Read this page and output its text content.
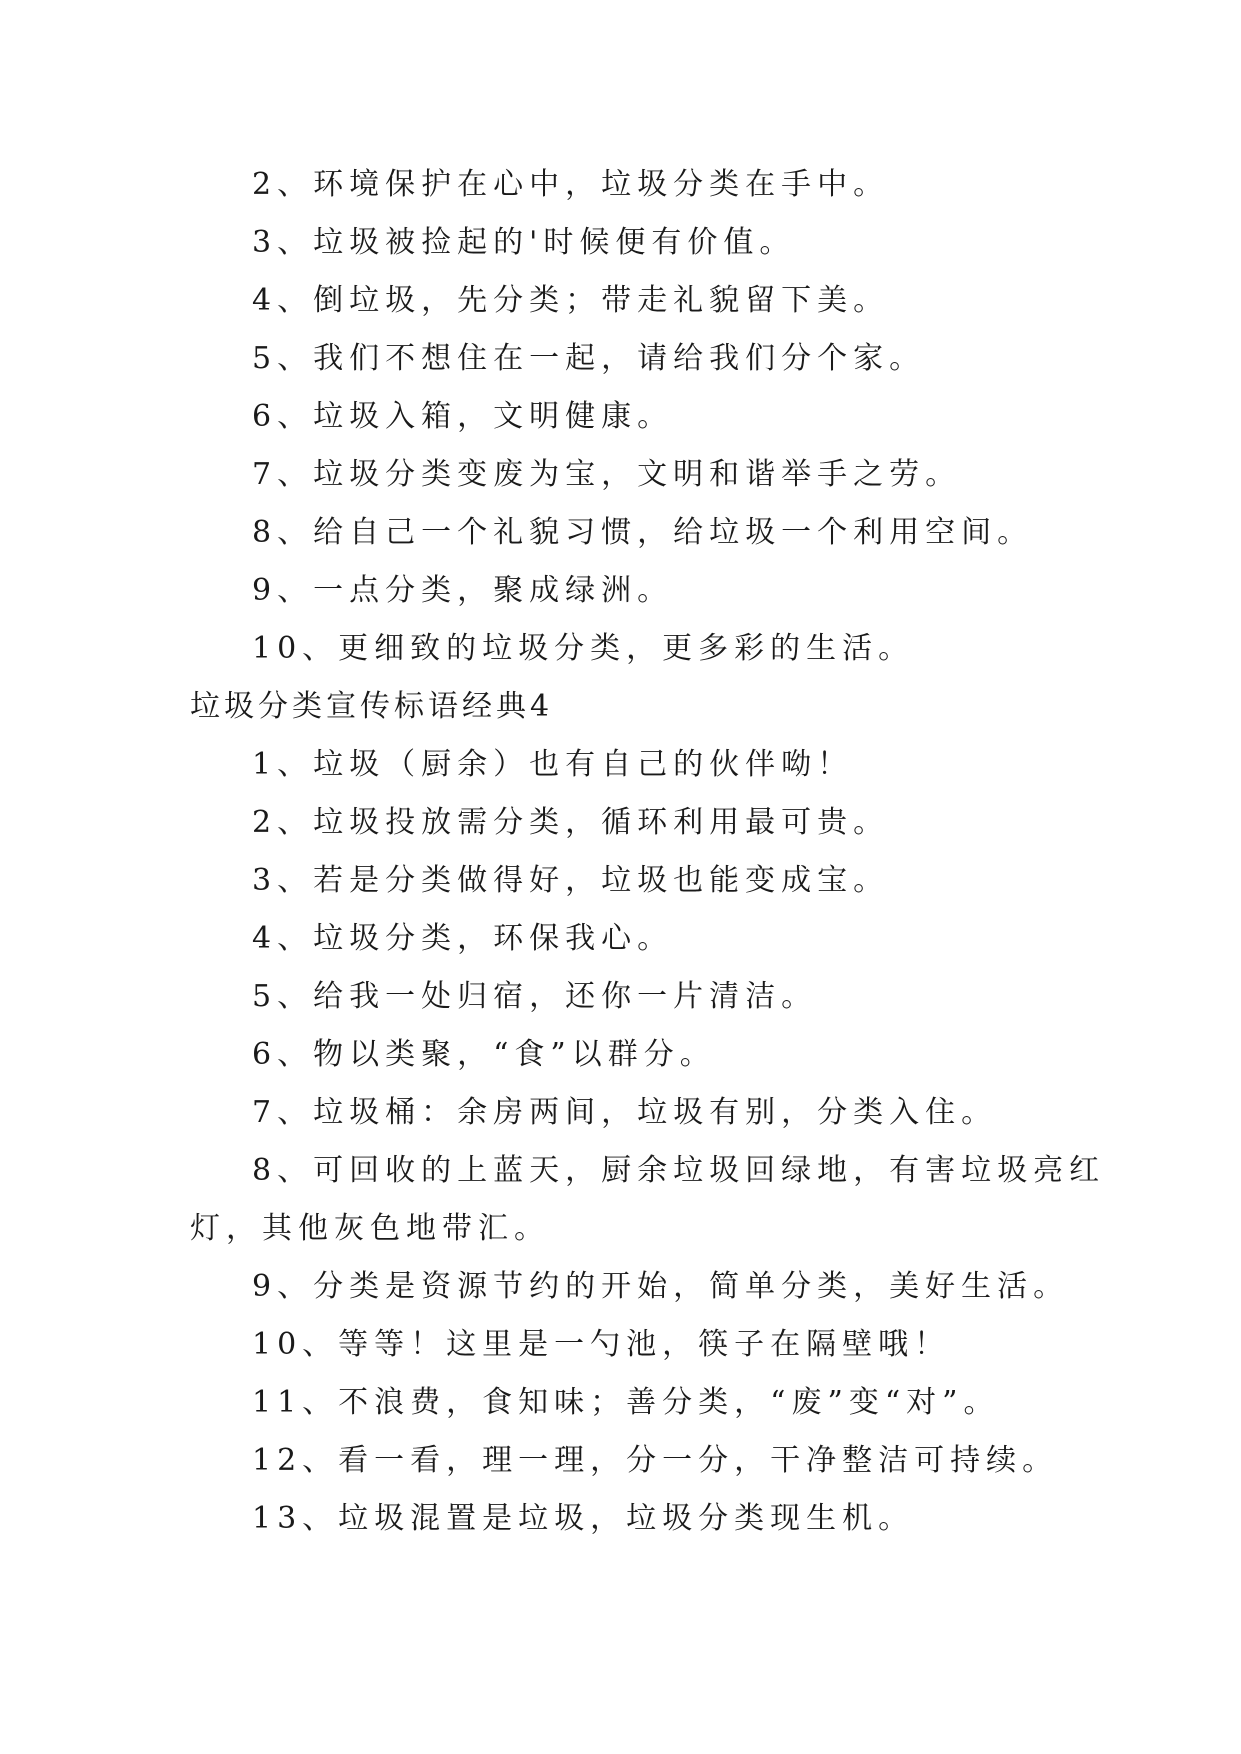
2、环境保护在心中，垃圾分类在手中。
3、垃圾被捡起的'时候便有价值。
4、倒垃圾，先分类；带走礼貌留下美。
5、我们不想住在一起，请给我们分个家。
6、垃圾入箱，文明健康。
7、垃圾分类变废为宝，文明和谐举手之劳。
8、给自己一个礼貌习惯，给垃圾一个利用空间。
9、一点分类，聚成绿洲。
10、更细致的垃圾分类，更多彩的生活。
垃圾分类宣传标语经典4
1、垃圾（厨余）也有自己的伙伴呦！
2、垃圾投放需分类，循环利用最可贵。
3、若是分类做得好，垃圾也能变成宝。
4、垃圾分类，环保我心。
5、给我一处归宿，还你一片清洁。
6、物以类聚，“食”以群分。
7、垃圾桶：余房两间，垃圾有别，分类入住。
8、可回收的上蓝天，厨余垃圾回绿地，有害垃圾亮红
灯，其他灰色地带汇。
9、分类是资源节约的开始，简单分类，美好生活。
10、等等！这里是一勺池，筷子在隔壁哦！
11、不浪费，食知味；善分类，“废”变“对”。
12、看一看，理一理，分一分，干净整洁可持续。
13、垃圾混置是垃圾，垃圾分类现生机。
